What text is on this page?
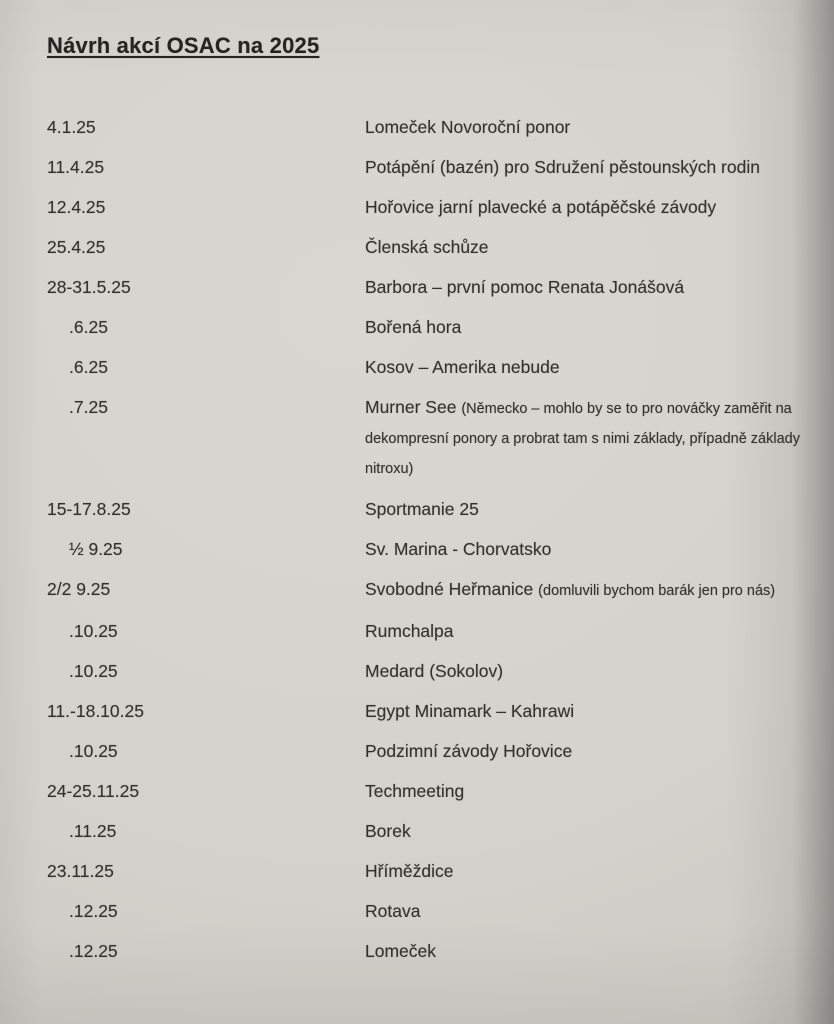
Návrh akcí OSAC na 2025
4.1.25	Lomeček Novoroční ponor
11.4.25	Potápění (bazén) pro Sdružení pěstounských rodin
12.4.25	Hořovice jarní plavecké a potápěčské závody
25.4.25	Členská schůze
28-31.5.25	Barbora – první pomoc Renata Jonášová
.6.25	Bořená hora
.6.25	Kosov – Amerika nebude
.7.25	Murner See (Německo – mohlo by se to pro nováčky zaměřit na dekompresní ponory a probrat tam s nimi základy, případně základy nitroxu)
15-17.8.25	Sportmanie 25
½ 9.25	Sv. Marina - Chorvatsko
2/2 9.25	Svobodné Heřmanice (domluvili bychom barák jen pro nás)
.10.25	Rumchalpa
.10.25	Medard (Sokolov)
11.-18.10.25	Egypt Minamark – Kahrawi
.10.25	Podzimní závody Hořovice
24-25.11.25	Techmeeting
.11.25	Borek
23.11.25	Hříměždice
.12.25	Rotava
.12.25	Lomeček
